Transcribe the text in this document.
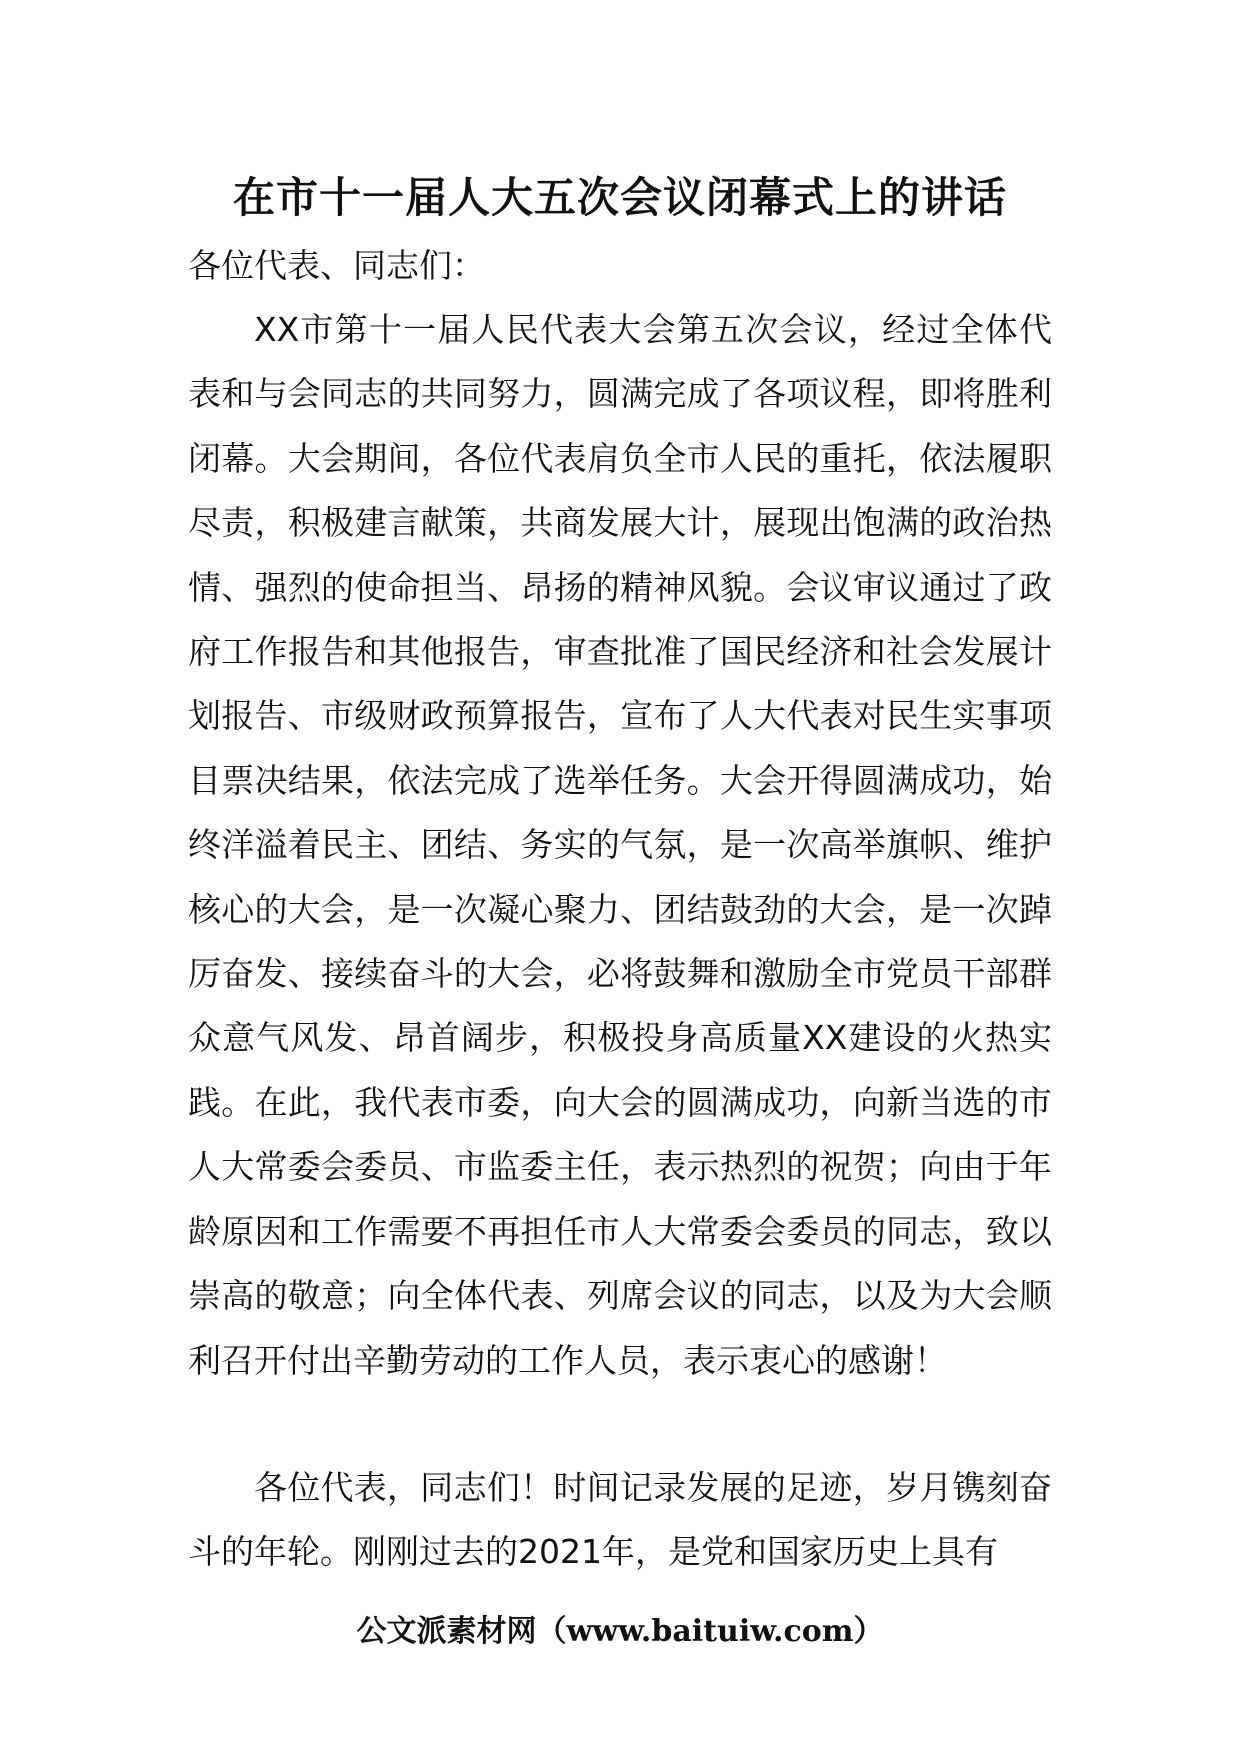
在市十一届人大五次会议闭幕式上的讲话
各位代表、同志们：

XX市第十一届人民代表大会第五次会议，经过全体代表和与会同志的共同努力，圆满完成了各项议程，即将胜利闭幕。大会期间，各位代表肩负全市人民的重托，依法履职尽责，积极建言献策，共商发展大计，展现出饱满的政治热情、强烈的使命担当、昂扬的精神风貌。会议审议通过了政府工作报告和其他报告，审查批准了国民经济和社会发展计划报告、市级财政预算报告，宣布了人大代表对民生实事项目票决结果，依法完成了选举任务。大会开得圆满成功，始终洋溢着民主、团结、务实的气氛，是一次高举旗帜、维护核心的大会，是一次凝心聚力、团结鼓劲的大会，是一次踔厉奋发、接续奋斗的大会，必将鼓舞和激励全市党员干部群众意气风发、昂首阔步，积极投身高质量XX建设的火热实践。在此，我代表市委，向大会的圆满成功，向新当选的市人大常委会委员、市监委主任，表示热烈的祝贺；向由于年龄原因和工作需要不再担任市人大常委会委员的同志，致以崇高的敬意；向全体代表、列席会议的同志，以及为大会顺利召开付出辛勤劳动的工作人员，表示衷心的感谢！

各位代表，同志们！时间记录发展的足迹，岁月镌刻奋斗的年轮。刚刚过去的2021年，是党和国家历史上具有

公文派素材网（www.baituiw.com）
